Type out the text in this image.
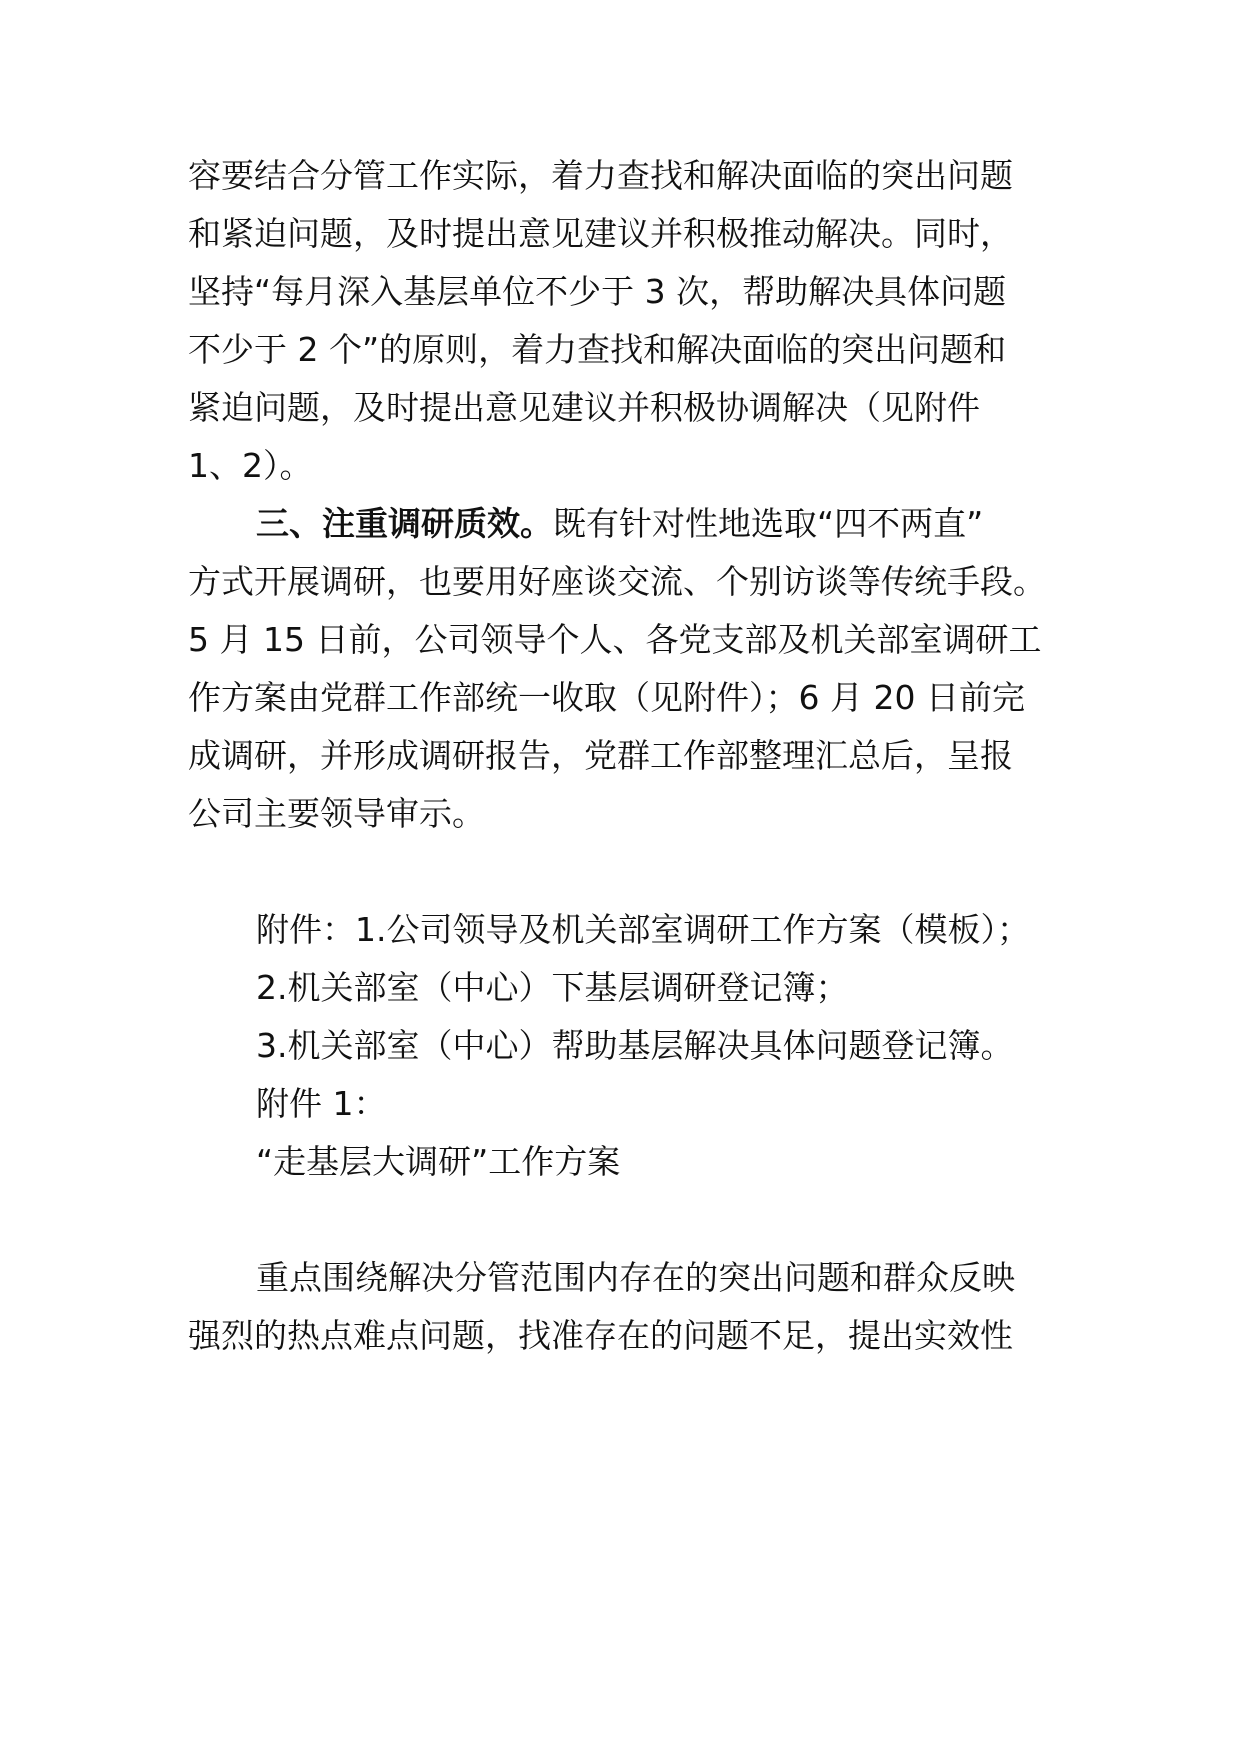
容要结合分管工作实际，着力查找和解决面临的突出问题
和紧迫问题，及时提出意见建议并积极推动解决。同时，
坚持“每月深入基层单位不少于 3 次，帮助解决具体问题
不少于 2 个”的原则，着力查找和解决面临的突出问题和
紧迫问题，及时提出意见建议并积极协调解决（见附件
1、2）。
三、注重调研质效。既有针对性地选取“四不两直”
方式开展调研，也要用好座谈交流、个别访谈等传统手段。
5 月 15 日前，公司领导个人、各党支部及机关部室调研工
作方案由党群工作部统一收取（见附件）；6 月 20 日前完
成调研，并形成调研报告，党群工作部整理汇总后，呈报
公司主要领导审示。
附件：1.公司领导及机关部室调研工作方案（模板）；
2.机关部室（中心）下基层调研登记簿；
3.机关部室（中心）帮助基层解决具体问题登记簿。
附件 1：
“走基层大调研”工作方案
重点围绕解决分管范围内存在的突出问题和群众反映
强烈的热点难点问题，找准存在的问题不足，提出实效性
